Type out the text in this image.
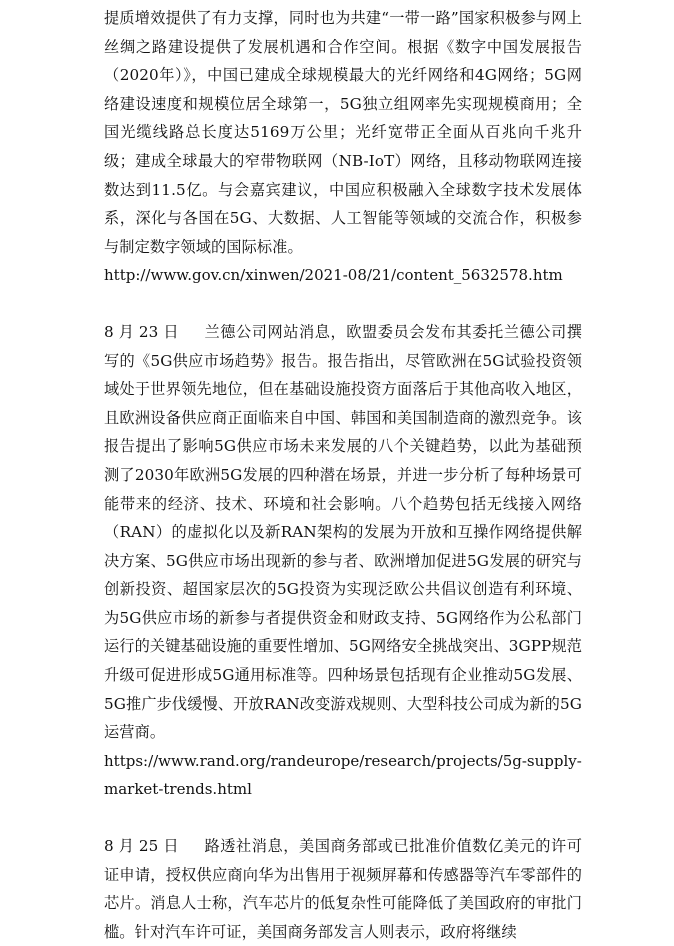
提质增效提供了有力支撑，同时也为共建“一带一路”国家积极参与网上丝绸之路建设提供了发展机遇和合作空间。根据《数字中国发展报告（2020年）》，中国已建成全球规模最大的光纤网络和4G网络；5G网络建设速度和规模位居全球第一，5G独立组网率先实现规模商用；全国光缆线路总长度达5169万公里；光纤宽带正全面从百兆向千兆升级；建成全球最大的窄带物联网（NB-IoT）网络，且移动物联网连接数达到11.5亿。与会嘉宾建议，中国应积极融入全球数字技术发展体系，深化与各国在5G、大数据、人工智能等领域的交流合作，积极参与制定数字领域的国际标准。

http://www.gov.cn/xinwen/2021-08/21/content_5632578.htm

8 月 23 日 兰德公司网站消息，欧盟委员会发布其委托兰德公司撰写的《5G供应市场趋势》报告。报告指出，尽管欧洲在5G试验投资领域处于世界领先地位，但在基础设施投资方面落后于其他高收入地区，且欧洲设备供应商正面临来自中国、韩国和美国制造商的激烈竞争。该报告提出了影响5G供应市场未来发展的八个关键趋势，以此为基础预测了2030年欧洲5G发展的四种潜在场景，并进一步分析了每种场景可能带来的经济、技术、环境和社会影响。八个趋势包括无线接入网络（RAN）的虚拟化以及新RAN架构的发展为开放和互操作网络提供解决方案、5G供应市场出现新的参与者、欧洲增加促进5G发展的研究与创新投资、超国家层次的5G投资为实现泛欧公共倡议创造有利环境、为5G供应市场的新参与者提供资金和财政支持、5G网络作为公私部门运行的关键基础设施的重要性增加、5G网络安全挑战突出、3GPP规范升级可促进形成5G通用标准等。四种场景包括现有企业推动5G发展、5G推广步伐缓慢、开放RAN改变游戏规则、大型科技公司成为新的5G运营商。

https://www.rand.org/randeurope/research/projects/5g-supply-market-trends.html

8 月 25 日 路透社消息，美国商务部或已批准价值数亿美元的许可证申请，授权供应商向华为出售用于视频屏幕和传感器等汽车零部件的芯片。消息人士称，汽车芯片的低复杂性可能降低了美国政府的审批门槛。针对汽车许可证，美国商务部发言人则表示，政府将继续
